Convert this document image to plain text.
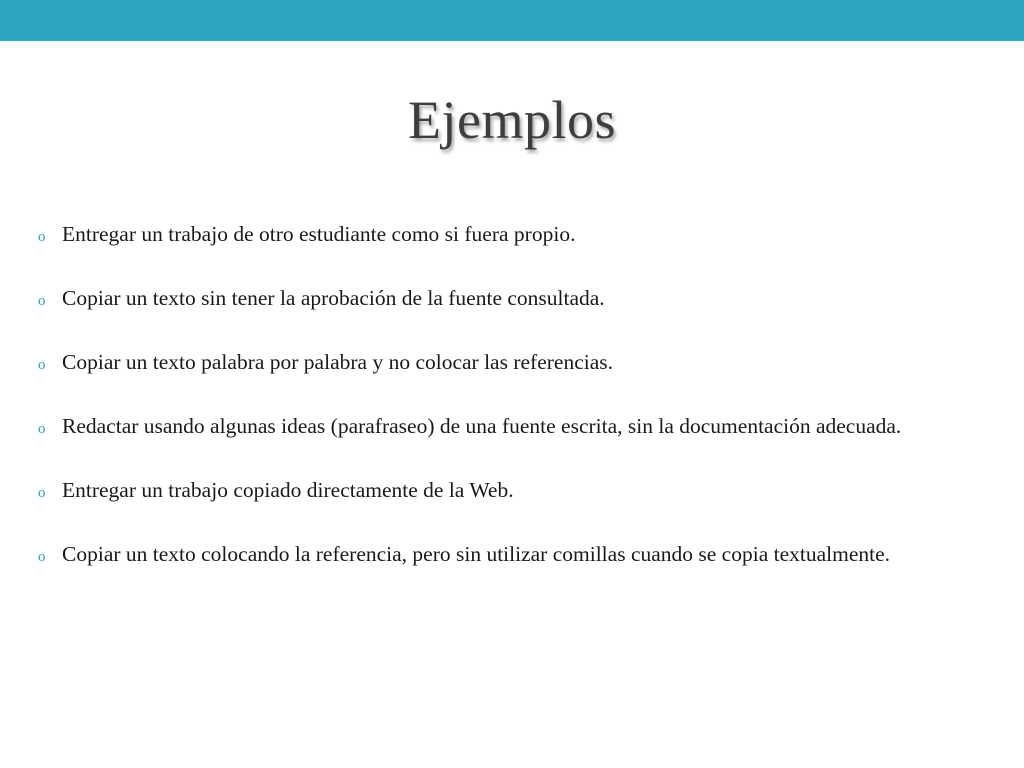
Ejemplos

o Entregar un trabajo de otro estudiante como si fuera propio.

o Copiar un texto sin tener la aprobación de la fuente consultada.

o Copiar un texto palabra por palabra y no colocar las referencias.

o Redactar usando algunas ideas (parafraseo) de una fuente escrita, sin la documentación adecuada.

o Entregar un trabajo copiado directamente de la Web.

o Copiar un texto colocando la referencia, pero sin utilizar comillas cuando se copia textualmente.
